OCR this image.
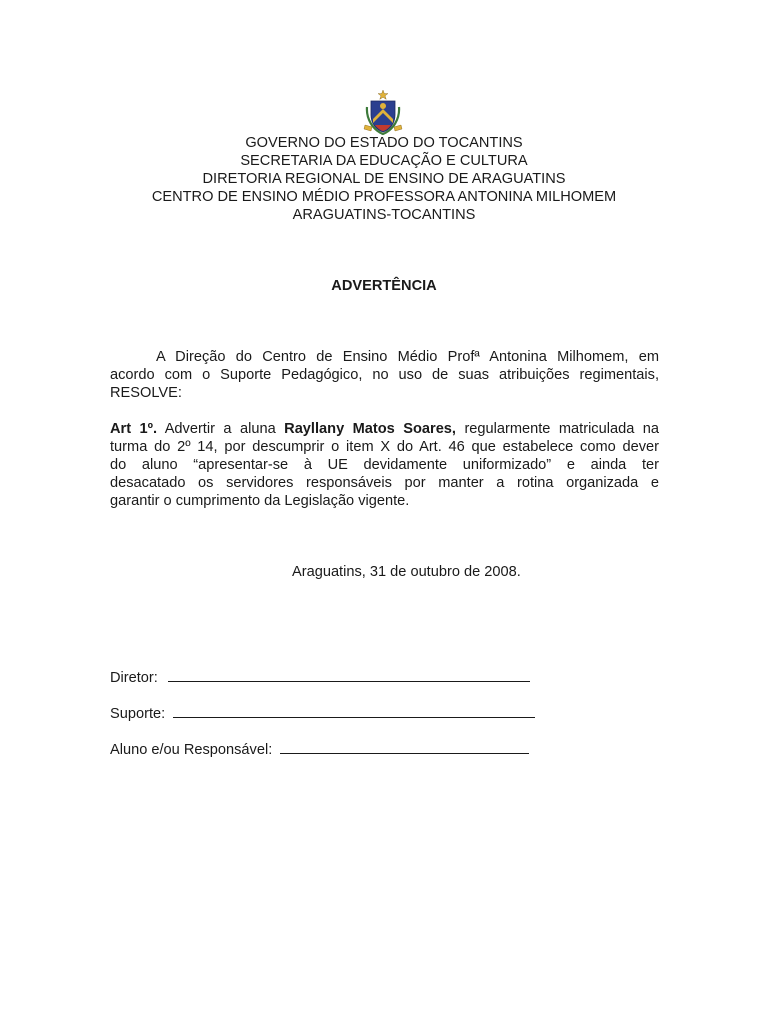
GOVERNO DO ESTADO DO TOCANTINS
SECRETARIA DA EDUCAÇÃO E CULTURA
DIRETORIA REGIONAL DE ENSINO DE ARAGUATINS
CENTRO DE ENSINO MÉDIO PROFESSORA ANTONINA MILHOMEM
ARAGUATINS-TOCANTINS
ADVERTÊNCIA
A Direção do Centro de Ensino Médio Profª Antonina Milhomem, em
acordo com o Suporte Pedagógico, no uso de suas atribuições regimentais,
RESOLVE:
Art 1º. Advertir a aluna Rayllany Matos Soares, regularmente matriculada na
turma do 2º 14, por descumprir o item X do Art. 46 que estabelece como dever
do aluno “apresentar-se à UE devidamente uniformizado” e ainda ter
desacatado os servidores responsáveis por manter a rotina organizada e
garantir o cumprimento da Legislação vigente.
Araguatins, 31 de outubro de 2008.
Diretor:
Suporte:
Aluno e/ou Responsável:
